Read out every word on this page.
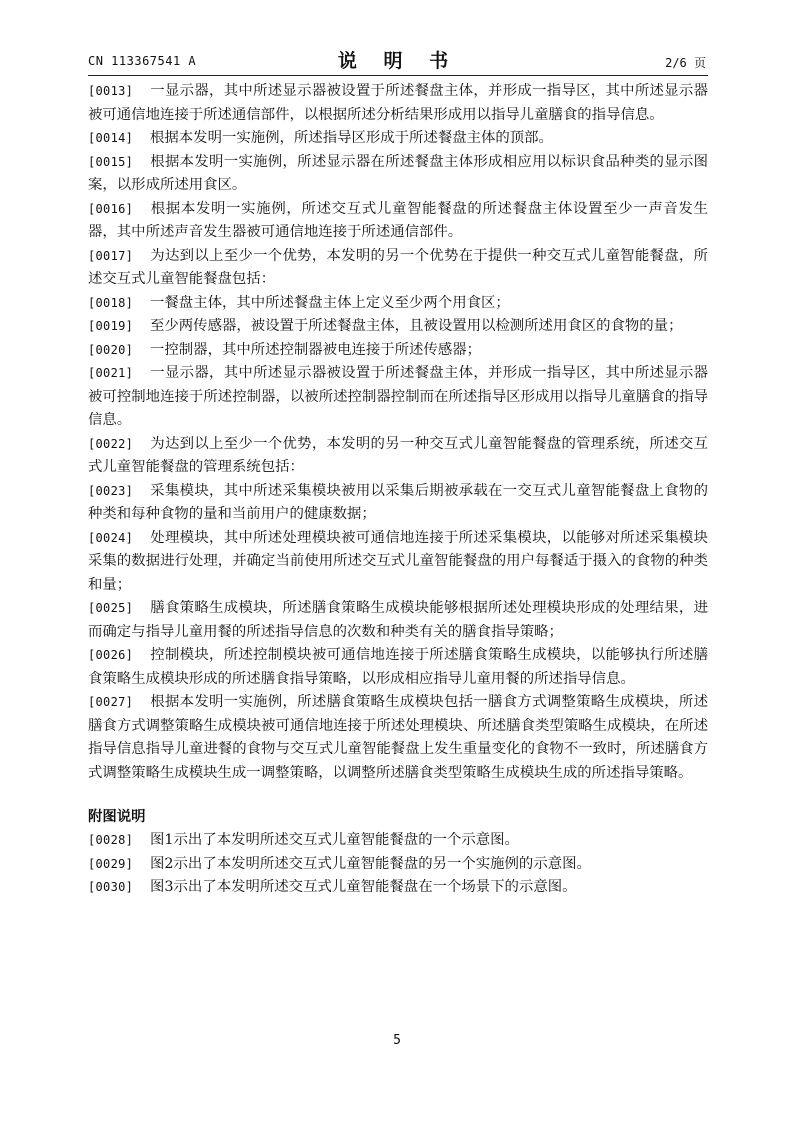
CN 113367541 A	说 明 书	2/6 页

[0013] 一显示器，其中所述显示器被设置于所述餐盘主体，并形成一指导区，其中所述显示器被可通信地连接于所述通信部件，以根据所述分析结果形成用以指导儿童膳食的指导信息。

[0014] 根据本发明一实施例，所述指导区形成于所述餐盘主体的顶部。

[0015] 根据本发明一实施例，所述显示器在所述餐盘主体形成相应用以标识食品种类的显示图案，以形成所述用食区。

[0016] 根据本发明一实施例，所述交互式儿童智能餐盘的所述餐盘主体设置至少一声音发生器，其中所述声音发生器被可通信地连接于所述通信部件。

[0017] 为达到以上至少一个优势，本发明的另一个优势在于提供一种交互式儿童智能餐盘，所述交互式儿童智能餐盘包括：

[0018] 一餐盘主体，其中所述餐盘主体上定义至少两个用食区；

[0019] 至少两传感器，被设置于所述餐盘主体，且被设置用以检测所述用食区的食物的量；

[0020] 一控制器，其中所述控制器被电连接于所述传感器；

[0021] 一显示器，其中所述显示器被设置于所述餐盘主体，并形成一指导区，其中所述显示器被可控制地连接于所述控制器，以被所述控制器控制而在所述指导区形成用以指导儿童膳食的指导信息。

[0022] 为达到以上至少一个优势，本发明的另一种交互式儿童智能餐盘的管理系统，所述交互式儿童智能餐盘的管理系统包括：

[0023] 采集模块，其中所述采集模块被用以采集后期被承载在一交互式儿童智能餐盘上食物的种类和每种食物的量和当前用户的健康数据；

[0024] 处理模块，其中所述处理模块被可通信地连接于所述采集模块，以能够对所述采集模块采集的数据进行处理，并确定当前使用所述交互式儿童智能餐盘的用户每餐适于摄入的食物的种类和量；

[0025] 膳食策略生成模块，所述膳食策略生成模块能够根据所述处理模块形成的处理结果，进而确定与指导儿童用餐的所述指导信息的次数和种类有关的膳食指导策略；

[0026] 控制模块，所述控制模块被可通信地连接于所述膳食策略生成模块，以能够执行所述膳食策略生成模块形成的所述膳食指导策略，以形成相应指导儿童用餐的所述指导信息。

[0027] 根据本发明一实施例，所述膳食策略生成模块包括一膳食方式调整策略生成模块，所述膳食方式调整策略生成模块被可通信地连接于所述处理模块、所述膳食类型策略生成模块，在所述指导信息指导儿童进餐的食物与交互式儿童智能餐盘上发生重量变化的食物不一致时，所述膳食方式调整策略生成模块生成一调整策略，以调整所述膳食类型策略生成模块生成的所述指导策略。

附图说明

[0028] 图1示出了本发明所述交互式儿童智能餐盘的一个示意图。

[0029] 图2示出了本发明所述交互式儿童智能餐盘的另一个实施例的示意图。

[0030] 图3示出了本发明所述交互式儿童智能餐盘在一个场景下的示意图。

5
